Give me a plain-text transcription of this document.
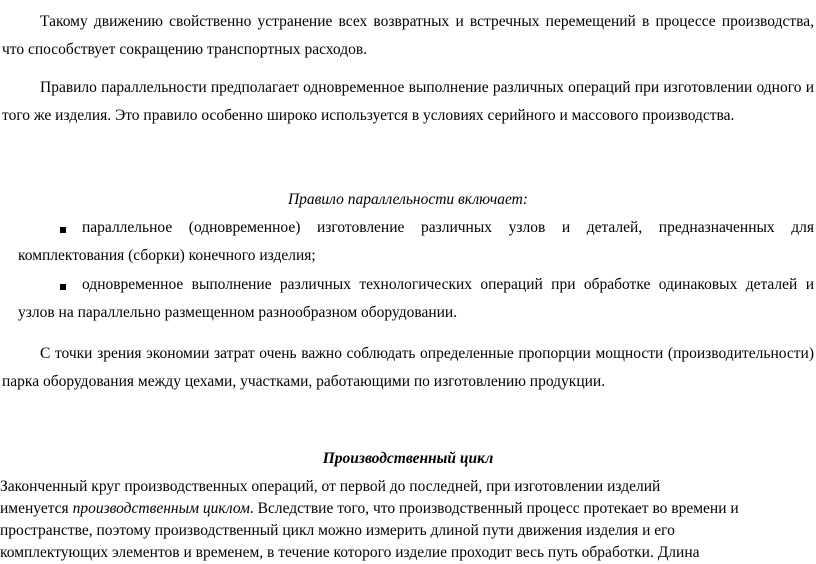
Такому движению свойственно устранение всех возвратных и встречных перемещений в процессе производства, что способствует сокращению транспортных расходов.

Правило параллельности предполагает одновременное выполнение различных операций при изготовлении одного и того же изделия. Это правило особенно широко используется в условиях серийного и массового производства.

Правило параллельности включает:

параллельное (одновременное) изготовление различных узлов и деталей, предназначенных для комплектования (сборки) конечного изделия;

одновременное выполнение различных технологических операций при обработке одинаковых деталей и узлов на параллельно размещенном разнообразном оборудовании.

С точки зрения экономии затрат очень важно соблюдать определенные пропорции мощности (производительности) парка оборудования между цехами, участками, работающими по изготовлению продукции.

Производственный цикл

Законченный круг производственных операций, от первой до последней, при изготовлении изделий

именуется производственным циклом. Вследствие того, что производственный процесс протекает во времени и

пространстве, поэтому производственный цикл можно измерить длиной пути движения изделия и его

комплектующих элементов и временем, в течение которого изделие проходит весь путь обработки. Длина
